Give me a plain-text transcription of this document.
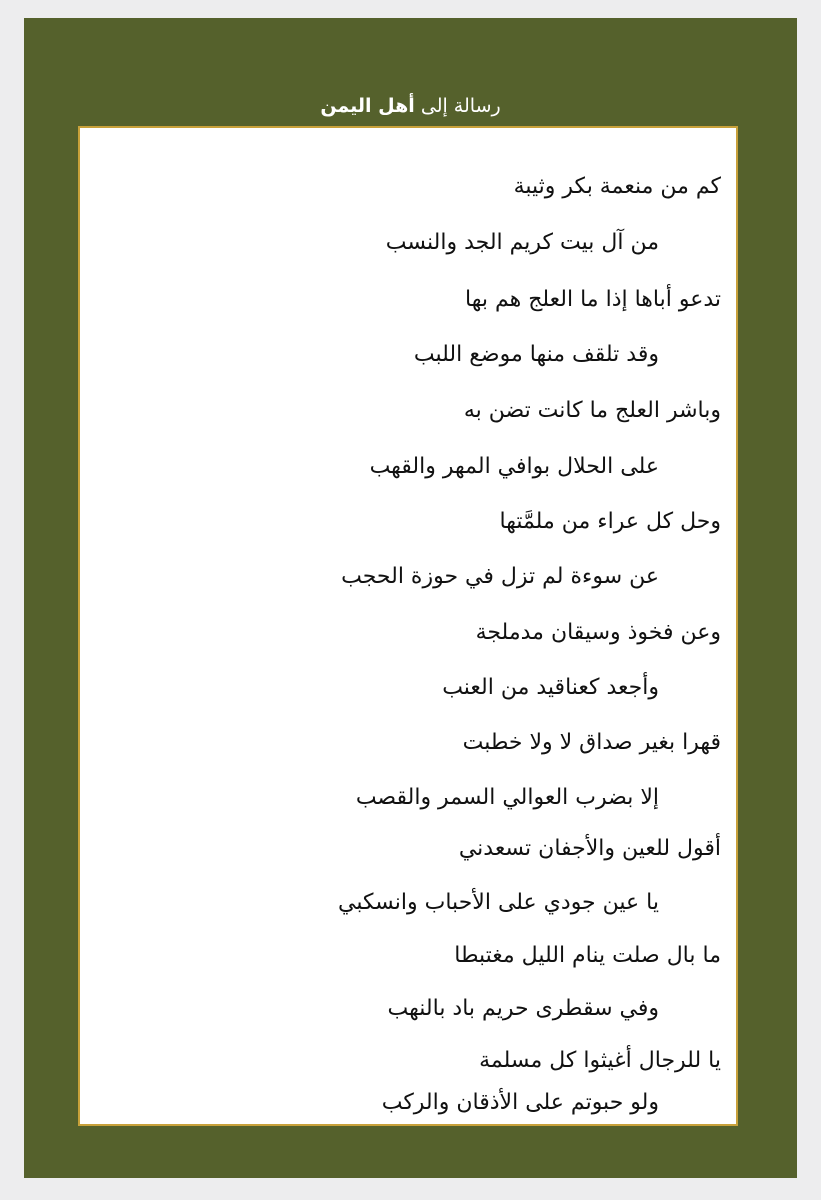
رسالة إلى أهل اليمن
كم من منعمة بكر وثيبة
من آل بيت كريم الجد والنسب
تدعو أباها إذا ما العلج هم بها
وقد تلقف منها موضع اللبب
وباشر العلج ما كانت تضن به
على الحلال بوافي المهر والقهب
وحل كل عراء من ملمَّتها
عن سوءة لم تزل في حوزة الحجب
وعن فخوذ وسيقان مدملجة
وأجعد كعناقيد من العنب
قهرا بغير صداق لا ولا خطبت
إلا بضرب العوالي السمر والقصب
أقول للعين والأجفان تسعدني
يا عين جودي على الأحباب وانسكبي
ما بال صلت ينام الليل مغتبطا
وفي سقطرى حريم باد بالنهب
يا للرجال أغيثوا كل مسلمة
ولو حبوتم على الأذقان والركب
